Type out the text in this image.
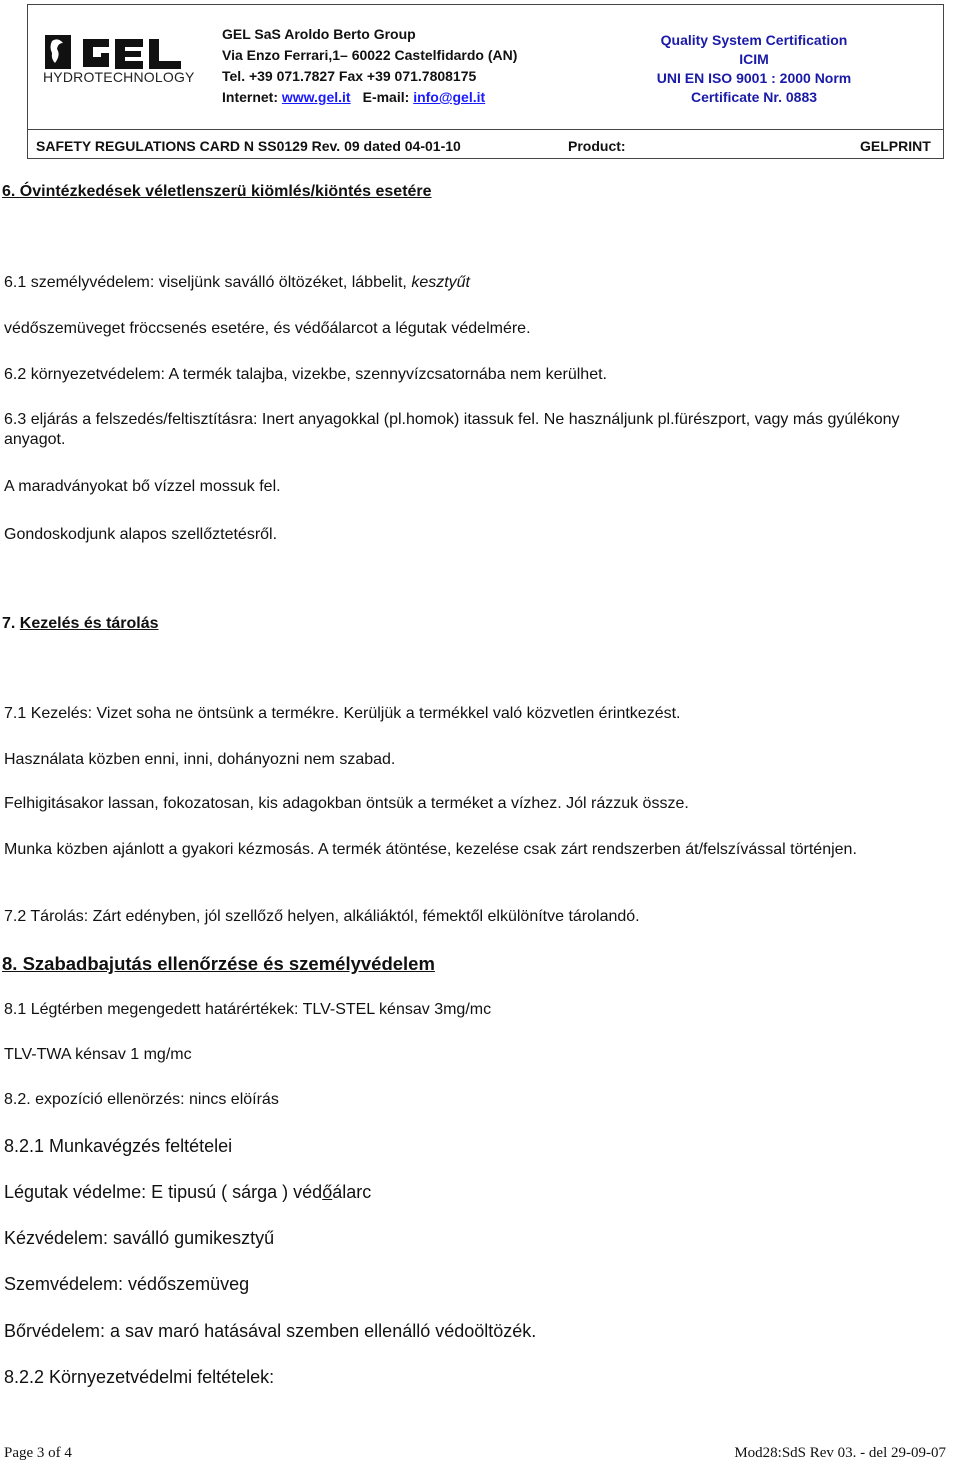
HYDROTECHNOLOGY
GEL SaS Aroldo Berto Group
Via Enzo Ferrari,1– 60022 Castelfidardo (AN)
Tel. +39 071.7827 Fax +39 071.7808175
Internet: www.gel.it E-mail: info@gel.it
Quality System Certification
ICIM
UNI EN ISO 9001 : 2000 Norm
Certificate Nr. 0883
SAFETY REGULATIONS CARD N SS0129 Rev. 09 dated 04-01-10	Product:	GELPRINT
6. Óvintézkedések véletlenszerü kiömlés/kiöntés esetére
6.1 személyvédelem: viseljünk saválló öltözéket, lábbelit, kesztyűt
védőszemüveget fröccsenés esetére, és védőálarcot a légutak védelmére.
6.2 környezetvédelem: A termék talajba, vizekbe, szennyvízcsatornába nem kerülhet.
6.3 eljárás a felszedés/feltisztításra: Inert anyagokkal (pl.homok) itassuk fel. Ne használjunk pl.fürészport, vagy más gyúlékony anyagot.
A maradványokat bő vízzel mossuk fel.
Gondoskodjunk alapos szellőztetésről.
7. Kezelés és tárolás
7.1 Kezelés: Vizet soha ne öntsünk a termékre. Kerüljük a termékkel való közvetlen érintkezést.
Használata közben enni, inni, dohányozni nem szabad.
Felhigitásakor lassan, fokozatosan, kis adagokban öntsük a terméket a vízhez. Jól rázzuk össze.
Munka közben ajánlott a gyakori kézmosás. A termék átöntése, kezelése csak zárt rendszerben át/felszívással történjen.
7.2 Tárolás: Zárt edényben, jól szellőző helyen, alkáliáktól, fémektől elkülönítve tárolandó.
8. Szabadbajutás ellenőrzése és személyvédelem
8.1 Légtérben megengedett határértékek: TLV-STEL kénsav 3mg/mc
TLV-TWA kénsav 1 mg/mc
8.2. expozíció ellenörzés: nincs elöírás
8.2.1 Munkavégzés feltételei
Légutak védelme: E tipusú ( sárga ) védőálarc
Kézvédelem: saválló gumikesztyű
Szemvédelem: védőszemüveg
Bőrvédelem: a sav maró hatásával szemben ellenálló védoöltözék.
8.2.2 Környezetvédelmi feltételek:
Page 3 of 4	Mod28:SdS Rev 03. - del 29-09-07
